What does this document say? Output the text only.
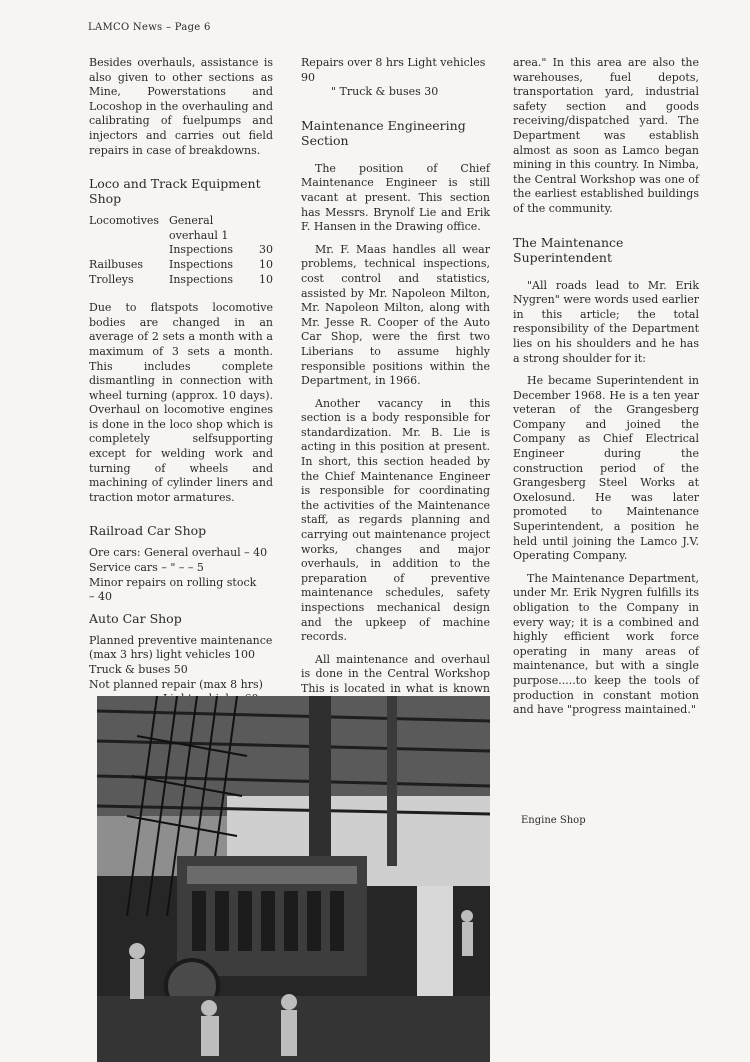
LAMCO News – Page 6

Besides overhauls, assistance is also given to other sections as Mine, Powerstations and Locoshop in the overhauling and calibrating of fuelpumps and injectors and carries out field repairs in case of breakdowns.

Loco and Track Equipment Shop
Locomotives General overhaul 1
Inspections	30
Railbuses	Inspections	10
Trolleys	Inspections	10

Due to flatspots locomotive bodies are changed in an average of 2 sets a month with a maximum of 3 sets a month. This includes complete dismantling in connection with wheel turning (approx. 10 days). Overhaul on locomotive engines is done in the loco shop which is completely selfsupporting except for welding work and turning of wheels and machining of cylinder liners and traction motor armatures.

Railroad Car Shop
Ore cars: General overhaul – 40
Service cars – " – – 5
Minor repairs on rolling stock
– 40
Auto Car Shop
Planned preventive maintenance
(max 3 hrs) light vehicles 100
Truck & buses 50
Not planned repair (max 8 hrs)
Repairs over 8 hrs Light vehicles 90
" Truck & buses 30
Maintenance Engineering Section

The position of Chief Maintenance Engineer is still vacant at present. This section has Messrs. Brynolf Lie and Erik F. Hansen in the Drawing office.

Mr. F. Maas handles all wear problems, technical inspections, cost control and statistics, assisted by Mr. Napoleon Milton, Mr. Napoleon Milton, along with Mr. Jesse R. Cooper of the Auto Car Shop, were the first two Liberians to assume highly responsible positions within the Department, in 1966.

Another vacancy in this section is a body responsible for standardization. Mr. B. Lie is acting in this position at present. In short, this section headed by the Chief Maintenance Engineer is responsible for coordinating the activities of the Maintenance staff, as regards planning and carrying out maintenance project works, changes and major overhauls, in addition to the preparation of preventive maintenance schedules, safety inspections mechanical design and the upkeep of machine records.

All maintenance and overhaul is done in the Central Workshop This is located in what is known

area." In this area are also the warehouses, fuel depots, transportation yard, industrial safety section and goods receiving/dispatched yard. The Department was establish almost as soon as Lamco began mining in this country. In Nimba, the Central Workshop was one of the earliest established buildings of the community.

The Maintenance Superintendent

"All roads lead to Mr. Erik Nygren" were words used earlier in this article; the total responsibility of the Department lies on his shoulders and he has a strong shoulder for it:

He became Superintendent in December 1968. He is a ten year veteran of the Grangesberg Company and joined the Company as Chief Electrical Engineer during the construction period of the Grangesberg Steel Works at Oxelosund. He was later promoted to Maintenance Superintendent, a position he held until joining the Lamco J.V. Operating Company.

The Maintenance Department, under Mr. Erik Nygren fulfills its obligation to the Company in every way; it is a combined and highly efficient work force operating in many areas of maintenance, but with a single purpose.....to keep the tools of production in constant motion and have "progress maintained."

Engine Shop
